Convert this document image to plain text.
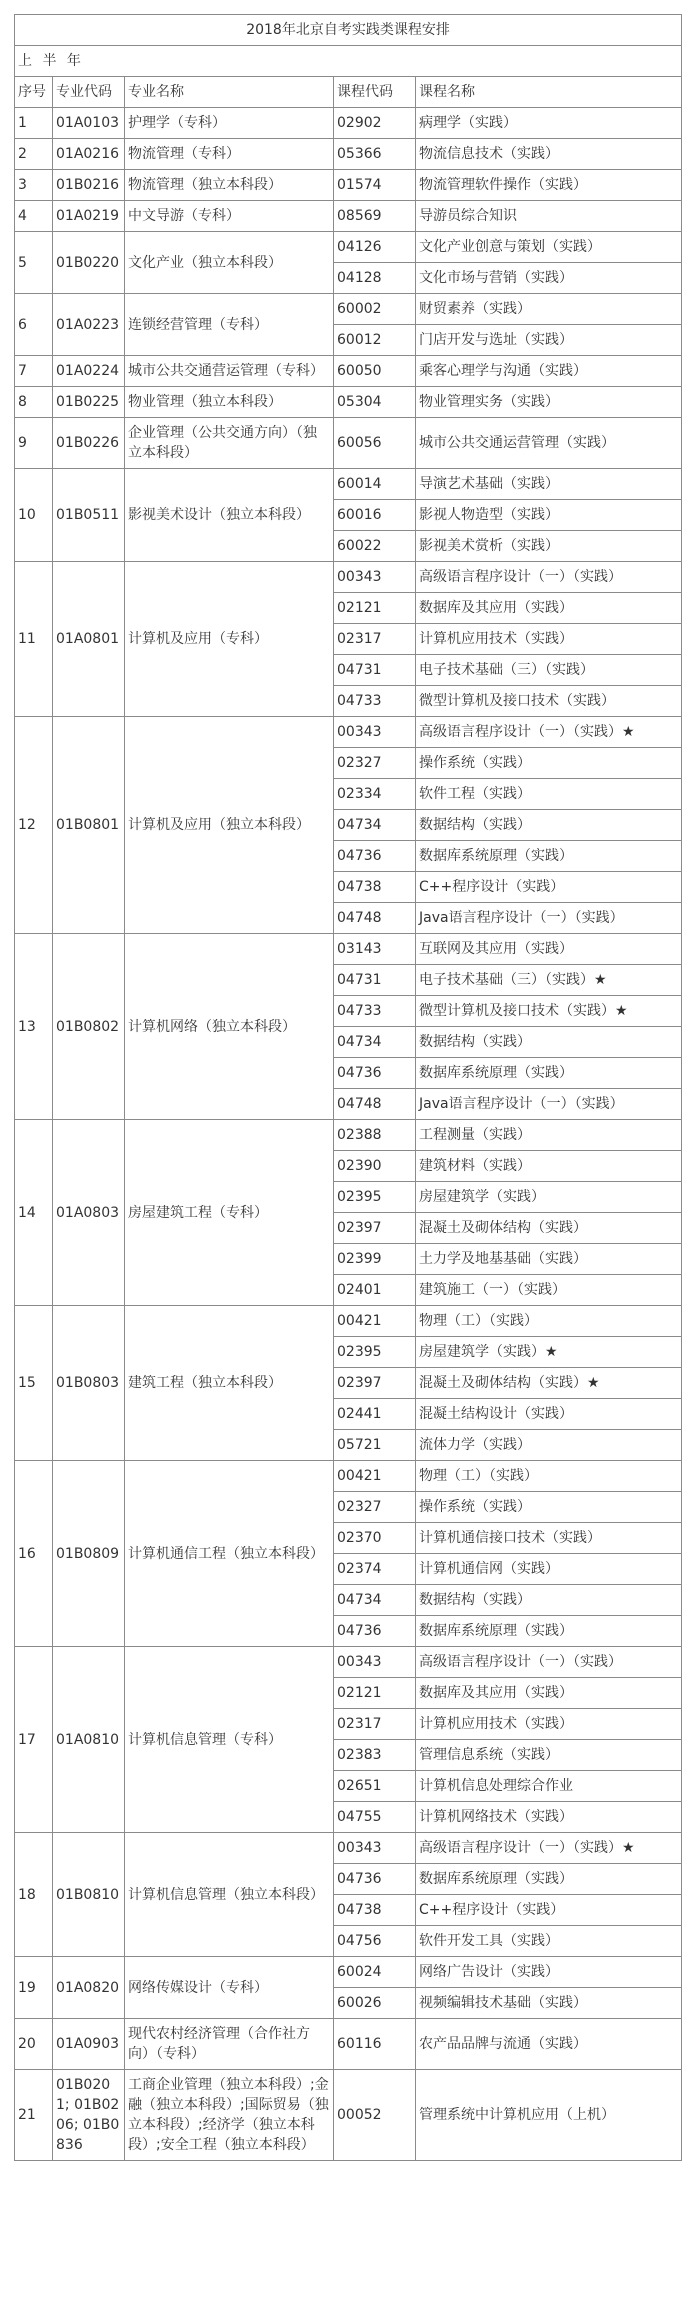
2018年北京自考实践类课程安排				
上 半 年				
序号	专业代码	专业名称	课程代码	课程名称
1	01A0103	护理学（专科）	02902	病理学（实践）
2	01A0216	物流管理（专科）	05366	物流信息技术（实践）
3	01B0216	物流管理（独立本科段）	01574	物流管理软件操作（实践）
4	01A0219	中文导游（专科）	08569	导游员综合知识
5	01B0220	文化产业（独立本科段）	04126	文化产业创意与策划（实践）
			04128	文化市场与营销（实践）
6	01A0223	连锁经营管理（专科）	60002	财贸素养（实践）
			60012	门店开发与选址（实践）
7	01A0224	城市公共交通营运管理（专科）	60050	乘客心理学与沟通（实践）
8	01B0225	物业管理（独立本科段）	05304	物业管理实务（实践）
9	01B0226	企业管理（公共交通方向）（独立本科段）	60056	城市公共交通运营管理（实践）
10	01B0511	影视美术设计（独立本科段）	60014	导演艺术基础（实践）
			60016	影视人物造型（实践）
			60022	影视美术赏析（实践）
11	01A0801	计算机及应用（专科）	00343	高级语言程序设计（一）（实践）
			02121	数据库及其应用（实践）
			02317	计算机应用技术（实践）
			04731	电子技术基础（三）（实践）
			04733	微型计算机及接口技术（实践）
12	01B0801	计算机及应用（独立本科段）	00343	高级语言程序设计（一）（实践）★
			02327	操作系统（实践）
			02334	软件工程（实践）
			04734	数据结构（实践）
			04736	数据库系统原理（实践）
			04738	C++程序设计（实践）
			04748	Java语言程序设计（一）（实践）
13	01B0802	计算机网络（独立本科段）	03143	互联网及其应用（实践）
			04731	电子技术基础（三）（实践）★
			04733	微型计算机及接口技术（实践）★
			04734	数据结构（实践）
			04736	数据库系统原理（实践）
			04748	Java语言程序设计（一）（实践）
14	01A0803	房屋建筑工程（专科）	02388	工程测量（实践）
			02390	建筑材料（实践）
			02395	房屋建筑学（实践）
			02397	混凝土及砌体结构（实践）
			02399	土力学及地基基础（实践）
			02401	建筑施工（一）（实践）
15	01B0803	建筑工程（独立本科段）	00421	物理（工）（实践）
			02395	房屋建筑学（实践）★
			02397	混凝土及砌体结构（实践）★
			02441	混凝土结构设计（实践）
			05721	流体力学（实践）
16	01B0809	计算机通信工程（独立本科段）	00421	物理（工）（实践）
			02327	操作系统（实践）
			02370	计算机通信接口技术（实践）
			02374	计算机通信网（实践）
			04734	数据结构（实践）
			04736	数据库系统原理（实践）
17	01A0810	计算机信息管理（专科）	00343	高级语言程序设计（一）（实践）
			02121	数据库及其应用（实践）
			02317	计算机应用技术（实践）
			02383	管理信息系统（实践）
			02651	计算机信息处理综合作业
			04755	计算机网络技术（实践）
18	01B0810	计算机信息管理（独立本科段）	00343	高级语言程序设计（一）（实践）★
			04736	数据库系统原理（实践）
			04738	C++程序设计（实践）
			04756	软件开发工具（实践）
19	01A0820	网络传媒设计（专科）	60024	网络广告设计（实践）
			60026	视频编辑技术基础（实践）
20	01A0903	现代农村经济管理（合作社方向）（专科）	60116	农产品品牌与流通（实践）
21	01B0201; 01B0206; 01B0836	工商企业管理（独立本科段）;金融（独立本科段）;国际贸易（独立本科段）;经济学（独立本科段）;安全工程（独立本科段）	00052	管理系统中计算机应用（上机）
